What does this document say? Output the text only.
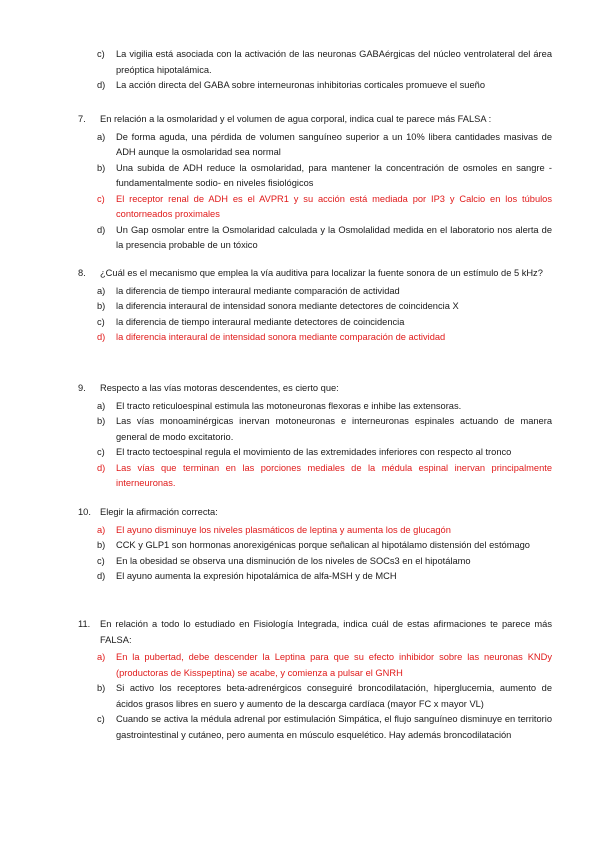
c)	La vigilia está asociada con la activación de las neuronas GABAérgicas del núcleo ventrolateral del área preóptica hipotalámica.
d)	La acción directa del GABA sobre interneuronas inhibitorias corticales promueve el sueño
7.	En relación a la osmolaridad y el volumen de agua corporal, indica cual te parece más FALSA :
a)	De forma aguda, una pérdida de volumen sanguíneo superior a un 10% libera cantidades masivas de ADH aunque la osmolaridad sea normal
b)	Una subida de ADH reduce la osmolaridad, para mantener la concentración de osmoles en sangre -fundamentalmente sodio- en niveles fisiológicos
c)	El receptor renal de ADH es el AVPR1 y su acción está mediada por IP3 y Calcio en los túbulos contorneados proximales
d)	Un Gap osmolar entre la Osmolaridad calculada y la Osmolalidad medida en el laboratorio nos alerta de la presencia probable de un tóxico
8.	¿Cuál es el mecanismo que emplea la vía auditiva para localizar la fuente sonora de un estímulo de 5 kHz?
a)	la diferencia de tiempo interaural mediante comparación de actividad
b)	la diferencia interaural de intensidad sonora mediante detectores de coincidencia X
c)	la diferencia de tiempo interaural mediante detectores de coincidencia
d)	la diferencia interaural de intensidad sonora mediante comparación de actividad
9.	Respecto a las vías motoras descendentes, es cierto que:
a)	El tracto reticuloespinal estimula las motoneuronas flexoras e inhibe las extensoras.
b)	Las vías monoaminérgicas inervan motoneuronas e interneuronas espinales actuando de manera general de modo excitatorio.
c)	El tracto tectoespinal regula el movimiento de las extremidades inferiores con respecto al tronco
d)	Las vías que terminan en las porciones mediales de la médula espinal inervan principalmente interneuronas.
10. Elegir la afirmación correcta:
a)	El ayuno disminuye los niveles plasmáticos de leptina y aumenta los de glucagón
b)	CCK y GLP1 son hormonas anorexigénicas porque señalican al hipotálamo distensión del estómago
c)	En la obesidad se observa una disminución de los niveles de SOCs3 en el hipotálamo
d)	El ayuno aumenta la expresión hipotalámica de alfa-MSH y de MCH
11.	En relación a todo lo estudiado en Fisiología Integrada, indica cuál de estas afirmaciones te parece más FALSA:
a)	En la pubertad, debe descender la Leptina para que su efecto inhibidor sobre las neuronas KNDy (productoras de Kisspeptina) se acabe, y comienza a pulsar el GNRH
b)	Si activo los receptores beta-adrenérgicos conseguiré broncodilatación, hiperglucemia, aumento de ácidos grasos libres en suero y aumento de la descarga cardíaca (mayor FC x mayor VL)
c)	Cuando se activa la médula adrenal por estimulación Simpática, el flujo sanguíneo disminuye en territorio gastrointestinal y cutáneo, pero aumenta en músculo esquelético. Hay además broncodilatación
